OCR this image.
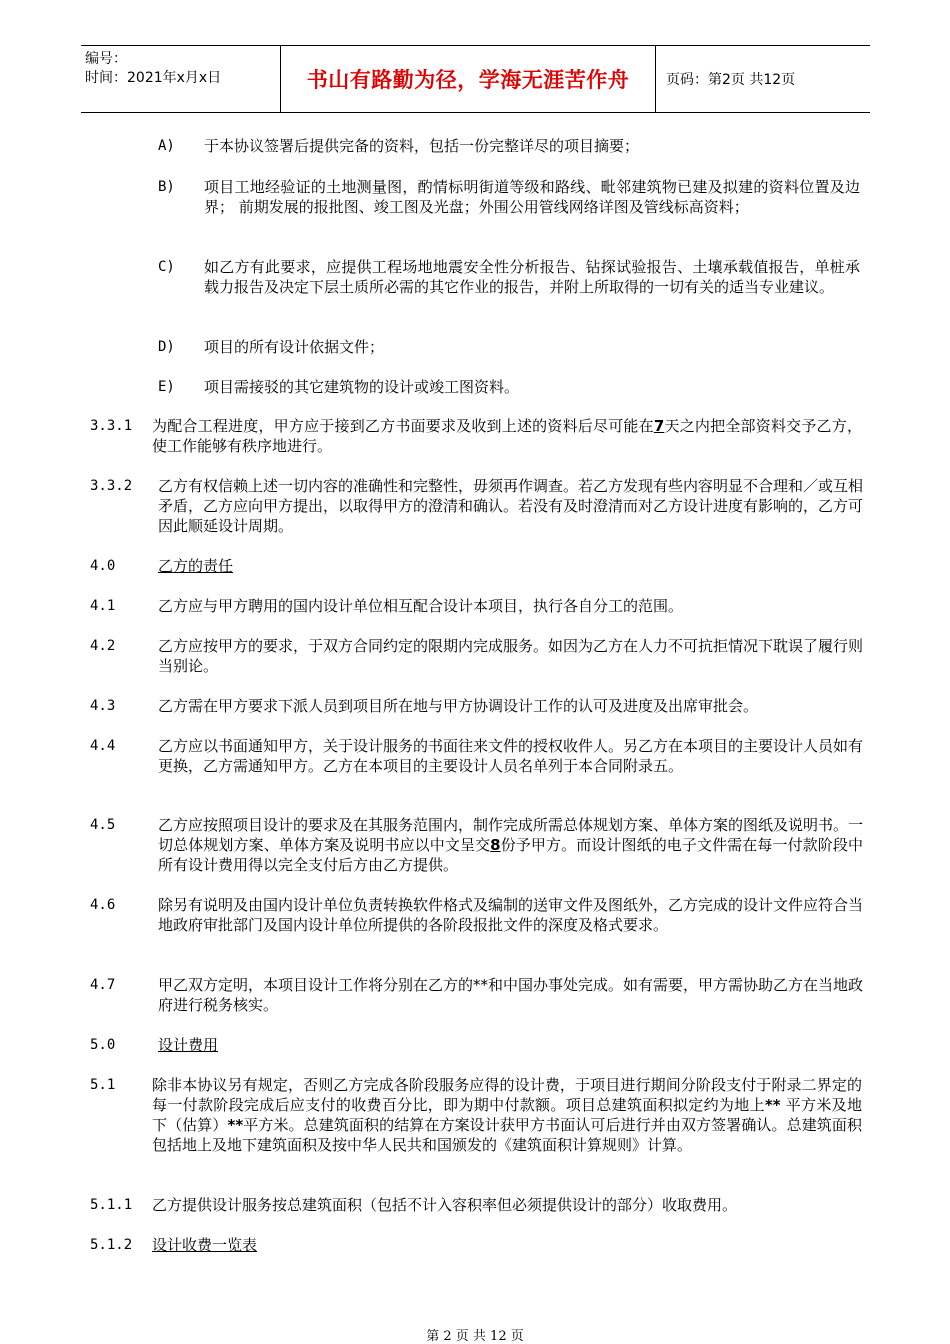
编号：
时间：2021年x月x日	书山有路勤为径，学海无涯苦作舟	页码：第2页 共12页
A) 于本协议签署后提供完备的资料，包括一份完整详尽的项目摘要；
B) 项目工地经验证的土地测量图，酌情标明街道等级和路线、毗邻建筑物已建及拟建的资料位置及边界； 前期发展的报批图、竣工图及光盘；外围公用管线网络详图及管线标高资料；
C) 如乙方有此要求，应提供工程场地地震安全性分析报告、钻探试验报告、土壤承载值报告，单桩承载力报告及决定下层土质所必需的其它作业的报告，并附上所取得的一切有关的适当专业建议。
D) 项目的所有设计依据文件；
E) 项目需接驳的其它建筑物的设计或竣工图资料。
3.3.1 为配合工程进度，甲方应于接到乙方书面要求及收到上述的资料后尽可能在7天之内把全部资料交予乙方，使工作能够有秩序地进行。
3.3.2 乙方有权信赖上述一切内容的准确性和完整性，毋须再作调查。若乙方发现有些内容明显不合理和／或互相矛盾，乙方应向甲方提出，以取得甲方的澄清和确认。若没有及时澄清而对乙方设计进度有影响的，乙方可因此顺延设计周期。
4.0	乙方的责任
4.1	乙方应与甲方聘用的国内设计单位相互配合设计本项目，执行各自分工的范围。
4.2	乙方应按甲方的要求，于双方合同约定的限期内完成服务。如因为乙方在人力不可抗拒情况下耽误了履行则当别论。
4.3	乙方需在甲方要求下派人员到项目所在地与甲方协调设计工作的认可及进度及出席审批会。
4.4	乙方应以书面通知甲方，关于设计服务的书面往来文件的授权收件人。另乙方在本项目的主要设计人员如有更换，乙方需通知甲方。乙方在本项目的主要设计人员名单列于本合同附录五。
4.5	乙方应按照项目设计的要求及在其服务范围内，制作完成所需总体规划方案、单体方案的图纸及说明书。一切总体规划方案、单体方案及说明书应以中文呈交8份予甲方。而设计图纸的电子文件需在每一付款阶段中所有设计费用得以完全支付后方由乙方提供。
4.6	除另有说明及由国内设计单位负责转换软件格式及编制的送审文件及图纸外，乙方完成的设计文件应符合当地政府审批部门及国内设计单位所提供的各阶段报批文件的深度及格式要求。
4.7	甲乙双方定明，本项目设计工作将分别在乙方的**和中国办事处完成。如有需要，甲方需协助乙方在当地政府进行税务核实。
5.0	设计费用
5.1 除非本协议另有规定，否则乙方完成各阶段服务应得的设计费，于项目进行期间分阶段支付于附录二界定的每一付款阶段完成后应支付的收费百分比，即为期中付款额。项目总建筑面积拟定约为地上** 平方米及地下（估算）**平方米。总建筑面积的结算在方案设计获甲方书面认可后进行并由双方签署确认。总建筑面积包括地上及地下建筑面积及按中华人民共和国颁发的《建筑面积计算规则》计算。
5.1.1 乙方提供设计服务按总建筑面积（包括不计入容积率但必须提供设计的部分）收取费用。
5.1.2 设计收费一览表
第 2 页 共 12 页
